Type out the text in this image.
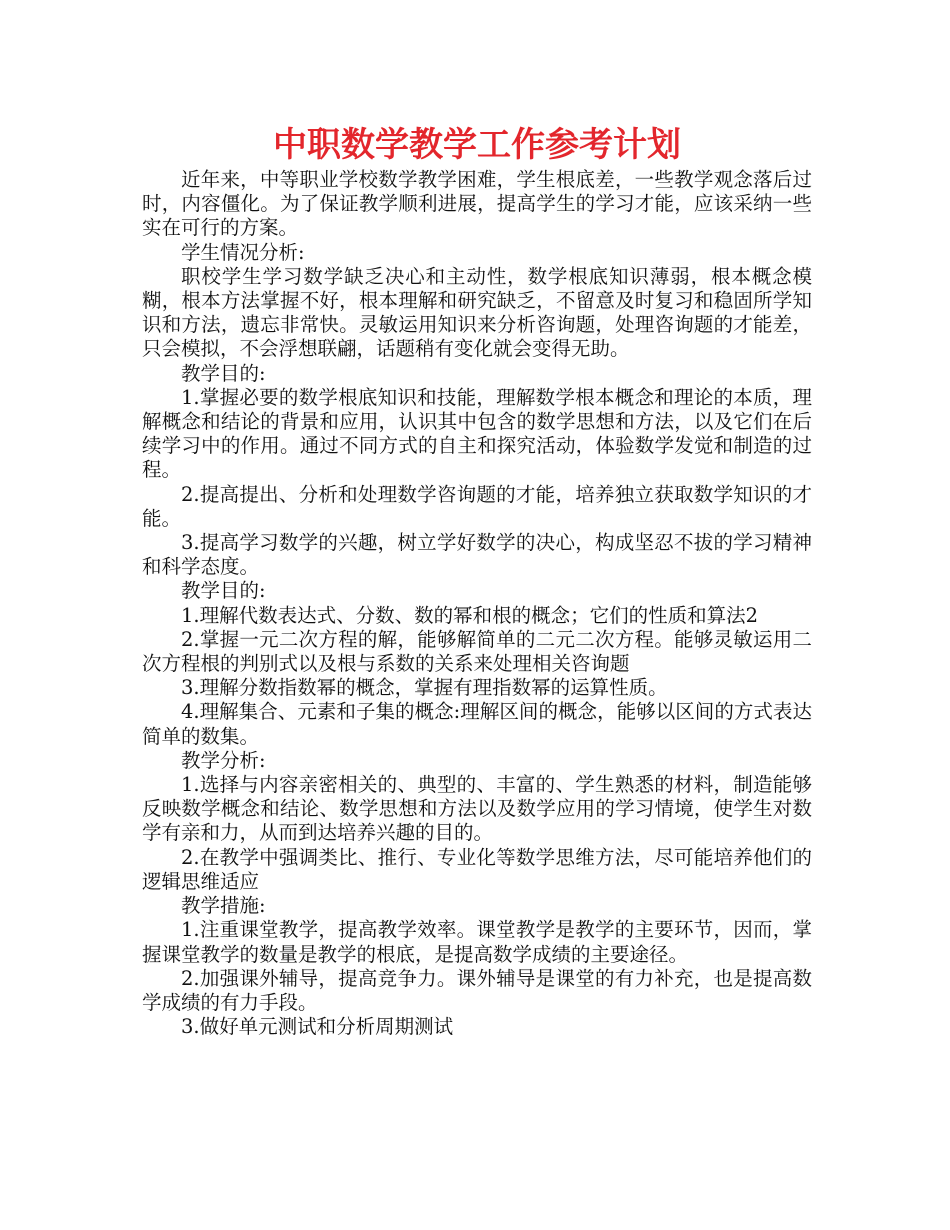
中职数学教学工作参考计划

近年来，中等职业学校数学教学困难，学生根底差，一些教学观念落后过时，内容僵化。为了保证教学顺利进展，提高学生的学习才能，应该采纳一些实在可行的方案。

学生情况分析:

职校学生学习数学缺乏决心和主动性，数学根底知识薄弱，根本概念模糊，根本方法掌握不好，根本理解和研究缺乏，不留意及时复习和稳固所学知识和方法，遗忘非常快。灵敏运用知识来分析咨询题，处理咨询题的才能差，只会模拟，不会浮想联翩，话题稍有变化就会变得无助。

教学目的:

1.掌握必要的数学根底知识和技能，理解数学根本概念和理论的本质，理解概念和结论的背景和应用，认识其中包含的数学思想和方法，以及它们在后续学习中的作用。通过不同方式的自主和探究活动，体验数学发觉和制造的过程。

2.提高提出、分析和处理数学咨询题的才能，培养独立获取数学知识的才能。

3.提高学习数学的兴趣，树立学好数学的决心，构成坚忍不拔的学习精神和科学态度。

教学目的:

1.理解代数表达式、分数、数的幂和根的概念；它们的性质和算法2

2.掌握一元二次方程的解，能够解简单的二元二次方程。能够灵敏运用二次方程根的判别式以及根与系数的关系来处理相关咨询题

3.理解分数指数幂的概念，掌握有理指数幂的运算性质。

4.理解集合、元素和子集的概念:理解区间的概念，能够以区间的方式表达简单的数集。

教学分析:

1.选择与内容亲密相关的、典型的、丰富的、学生熟悉的材料，制造能够反映数学概念和结论、数学思想和方法以及数学应用的学习情境，使学生对数学有亲和力，从而到达培养兴趣的目的。

2.在教学中强调类比、推行、专业化等数学思维方法，尽可能培养他们的逻辑思维适应

教学措施:

1.注重课堂教学，提高教学效率。课堂教学是教学的主要环节，因而，掌握课堂教学的数量是教学的根底，是提高数学成绩的主要途径。

2.加强课外辅导，提高竞争力。课外辅导是课堂的有力补充，也是提高数学成绩的有力手段。

3.做好单元测试和分析周期测试
